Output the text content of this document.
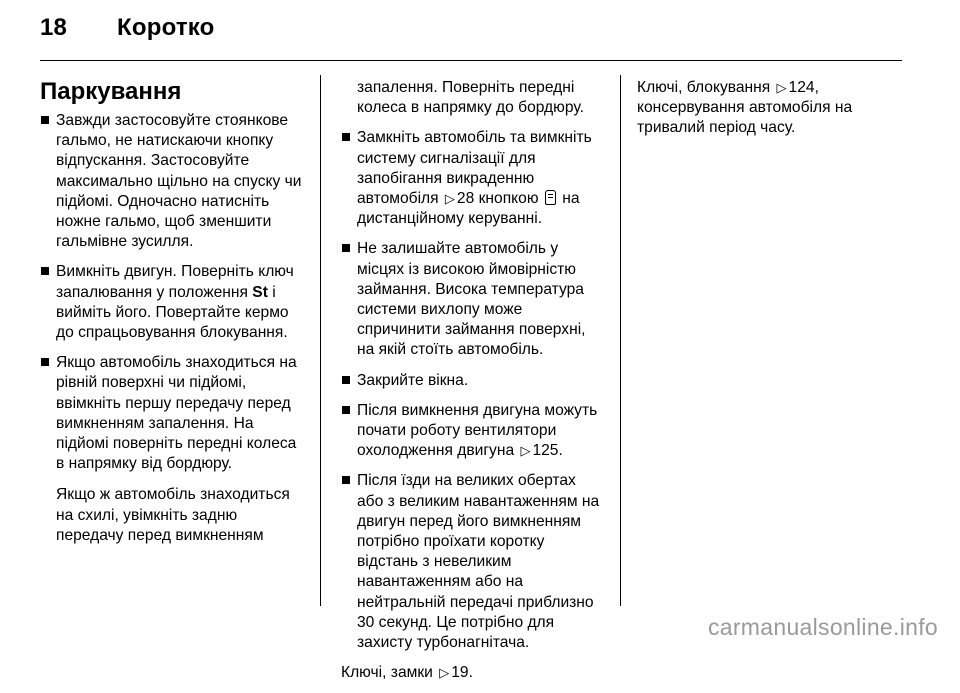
18	Коротко
Паркування
Завжди застосовуйте стоянкове гальмо, не натискаючи кнопку відпускання. Застосовуйте максимально щільно на спуску чи підйомі. Одночасно натисніть ножне гальмо, щоб зменшити гальмівне зусилля.
Вимкніть двигун. Поверніть ключ запалювання у положення St і вийміть його. Повертайте кермо до спрацьовування блокування.
Якщо автомобіль знаходиться на рівній поверхні чи підйомі, ввімкніть першу передачу перед вимкненням запалення. На підйомі поверніть передні колеса в напрямку від бордюру.
Якщо ж автомобіль знаходиться на схилі, увімкніть задню передачу перед вимкненням
запалення. Поверніть передні колеса в напрямку до бордюру.
Замкніть автомобіль та вимкніть систему сигналізації для запобігання викраденню автомобіля ▷ 28 кнопкою  на дистанційному керуванні.
Не залишайте автомобіль у місцях із високою ймовірністю займання. Висока температура системи вихлопу може спричинити займання поверхні, на якій стоїть автомобіль.
Закрийте вікна.
Після вимкнення двигуна можуть почати роботу вентилятори охолодження двигуна ▷ 125.
Після їзди на великих обертах або з великим навантаженням на двигун перед його вимкненням потрібно проїхати коротку відстань з невеликим навантаженням або на нейтральній передачі приблизно 30 секунд. Це потрібно для захисту турбонагнітача.
Ключі, замки ▷ 19.
Ключі, блокування ▷ 124, консервування автомобіля на тривалий період часу.
carmanualsonline.info
